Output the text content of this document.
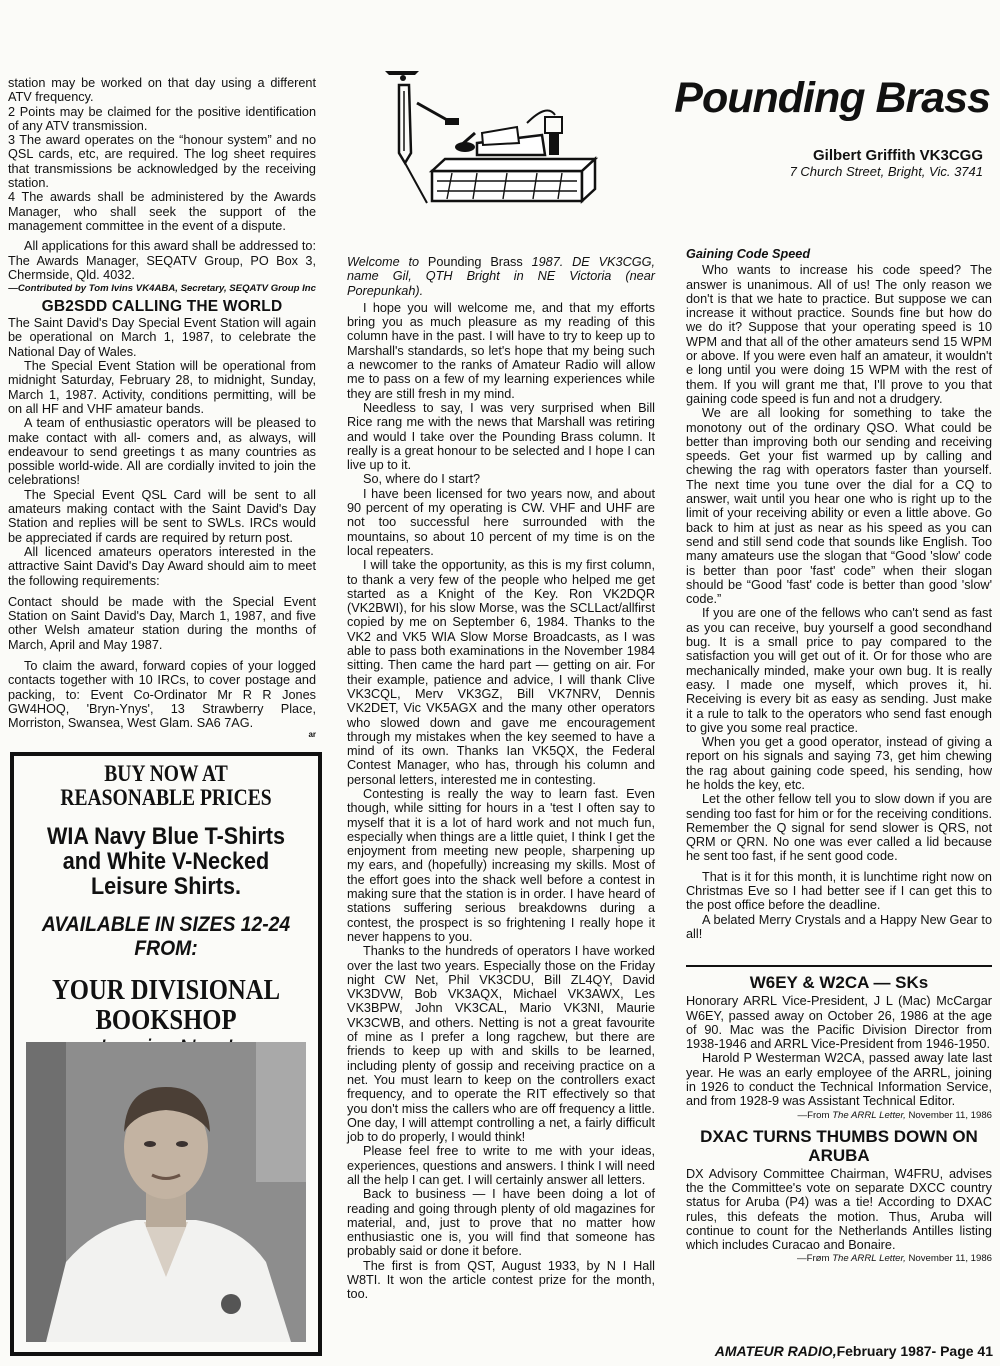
station may be worked on that day using a different ATV frequency.

2 Points may be claimed for the positive identification of any ATV transmission.

3 The award operates on the “honour system” and no QSL cards, etc, are required. The log sheet requires that transmissions be acknowledged by the receiving station.

4 The awards shall be administered by the Awards Manager, who shall seek the support of the management committee in the event of a dispute.

All applications for this award shall be addressed to: The Awards Manager, SEQATV Group, PO Box 3, Chermside, Qld. 4032.

—Contributed by Tom Ivins VK4ABA, Secretary, SEQATV Group Inc
GB2SDD CALLING THE WORLD

The Saint David's Day Special Event Station will again be operational on March 1, 1987, to celebrate the National Day of Wales.

The Special Event Station will be operational from midnight Saturday, February 28, to midnight, Sunday, March 1, 1987. Activity, conditions permitting, will be on all HF and VHF amateur bands.

A team of enthusiastic operators will be pleased to make contact with all- comers and, as always, will endeavour to send greetings t as many countries as possible world-wide. All are cordially invited to join the celebrations!

The Special Event QSL Card will be sent to all amateurs making contact with the Saint David's Day Station and replies will be sent to SWLs. IRCs would be appreciated if cards are required by return post.

All licenced amateurs operators interested in the attractive Saint David's Day Award should aim to meet the following requirements:

Contact should be made with the Special Event Station on Saint David's Day, March 1, 1987, and five other Welsh amateur station during the months of March, April and May 1987.

To claim the award, forward copies of your logged contacts together with 10 IRCs, to cover postage and packing, to: Event Co-Ordinator Mr R R Jones GW4HOQ, 'Bryn-Ynys', 13 Strawberry Place, Morriston, Swansea, West Glam. SA6 7AG.

ar
BUY NOW AT REASONABLE PRICES
WIA Navy Blue T-Shirts and White V-Necked Leisure Shirts.
AVAILABLE IN SIZES 12-24 FROM:
YOUR DIVISIONAL BOOKSHOP
Pounding Brass
Gilbert Griffith VK3CGG
7 Church Street, Bright, Vic. 3741

Welcome to Pounding Brass 1987. DE VK3CGG, name Gil, QTH Bright in NE Victoria (near Porepunkah).

I hope you will welcome me, and that my efforts bring you as much pleasure as my reading of this column have in the past. I will have to try to keep up to Marshall's standards, so let's hope that my being such a newcomer to the ranks of Amateur Radio will allow me to pass on a few of my learning experiences while they are still fresh in my mind.

Needless to say, I was very surprised when Bill Rice rang me with the news that Marshall was retiring and would I take over the Pounding Brass column. It really is a great honour to be selected and I hope I can live up to it.

So, where do I start?

I have been licensed for two years now, and about 90 percent of my operating is CW. VHF and UHF are not too successful here surrounded with the mountains, so about 10 percent of my time is on the local repeaters.

I will take the opportunity, as this is my first column, to thank a very few of the people who helped me get started as a Knight of the Key. Ron VK2DQR (VK2BWI), for his slow Morse, was the SCLLact/allfirst copied by me on September 6, 1984. Thanks to the VK2 and VK5 WIA Slow Morse Broadcasts, as I was able to pass both examinations in the November 1984 sitting. Then came the hard part — getting on air. For their example, patience and advice, I will thank Clive VK3CQL, Merv VK3GZ, Bill VK7NRV, Dennis VK2DET, Vic VK5AGX and the many other operators who slowed down and gave me encouragement through my mistakes when the key seemed to have a mind of its own. Thanks Ian VK5QX, the Federal Contest Manager, who has, through his column and personal letters, interested me in contesting.

Contesting is really the way to learn fast. Even though, while sitting for hours in a 'test I often say to myself that it is a lot of hard work and not much fun, especially when things are a little quiet, I think I get the enjoyment from meeting new people, sharpening up my ears, and (hopefully) increasing my skills. Most of the effort goes into the shack well before a contest in making sure that the station is in order. I have heard of stations suffering serious breakdowns during a contest, the prospect is so frightening I really hope it never happens to you.

Thanks to the hundreds of operators I have worked over the last two years. Especially those on the Friday night CW Net, Phil VK3CDU, Bill ZL4QY, David VK3DVW, Bob VK3AQX, Michael VK3AWX, Les VK3BPW, John VK3CAL, Mario VK3NI, Maurie VK3CWB, and others. Netting is not a great favourite of mine as I prefer a long ragchew, but there are friends to keep up with and skills to be learned, including plenty of gossip and receiving practice on a net. You must learn to keep on the controllers exact frequency, and to operate the RIT effectively so that you don't miss the callers who are off frequency a little. One day, I will attempt controlling a net, a fairly difficult job to do properly, I would think!

Please feel free to write to me with your ideas, experiences, questions and answers. I think I will need all the help I can get. I will certainly answer all letters.

Back to business — I have been doing a lot of reading and going through plenty of old magazines for material, and, just to prove that no matter how enthusiastic one is, you will find that someone has probably said or done it before.

The first is from QST, August 1933, by N I Hall W8TI. It won the article contest prize for the month, too.

Gaining Code Speed

Who wants to increase his code speed? The answer is unanimous. All of us! The only reason we don't is that we hate to practice. But suppose we can increase it without practice. Sounds fine but how do we do it? Suppose that your operating speed is 10 WPM and that all of the other amateurs send 15 WPM or above. If you were even half an amateur, it wouldn't e long until you were doing 15 WPM with the rest of them. If you will grant me that, I'll prove to you that gaining code speed is fun and not a drudgery.

We are all looking for something to take the monotony out of the ordinary QSO. What could be better than improving both our sending and receiving speeds. Get your fist warmed up by calling and chewing the rag with operators faster than yourself. The next time you tune over the dial for a CQ to answer, wait until you hear one who is right up to the limit of your receiving ability or even a little above. Go back to him at just as near as his speed as you can send and still send code that sounds like English. Too many amateurs use the slogan that “Good 'slow' code is better than poor 'fast' code” when their slogan should be “Good 'fast' code is better than good 'slow' code.”

If you are one of the fellows who can't send as fast as you can receive, buy yourself a good secondhand bug. It is a small price to pay compared to the satisfaction you will get out of it. Or for those who are mechanically minded, make your own bug. It is really easy. I made one myself, which proves it, hi. Receiving is every bit as easy as sending. Just make it a rule to talk to the operators who send fast enough to give you some real practice.

When you get a good operator, instead of giving a report on his signals and saying 73, get him chewing the rag about gaining code speed, his sending, how he holds the key, etc.

Let the other fellow tell you to slow down if you are sending too fast for him or for the receiving conditions. Remember the Q signal for send slower is QRS, not QRM or QRN. No one was ever called a lid because he sent too fast, if he sent good code.

That is it for this month, it is lunchtime right now on Christmas Eve so I had better see if I can get this to the post office before the deadline.

A belated Merry Crystals and a Happy New Gear to all!

W6EY & W2CA — SKs

Honorary ARRL Vice-President, J L (Mac) McCargar W6EY, passed away on October 26, 1986 at the age of 90. Mac was the Pacific Division Director from 1938-1946 and ARRL Vice-President from 1946-1950.

Harold P Westerman W2CA, passed away late last year. He was an early employee of the ARRL, joining in 1926 to conduct the Technical Information Service, and from 1928-9 was Assistant Technical Editor.

—From The ARRL Letter, November 11, 1986
DXAC TURNS THUMBS DOWN ON ARUBA

DX Advisory Committee Chairman, W4FRU, advises the the Committee's vote on separate DXCC country status for Aruba (P4) was a tie! According to DXAC rules, this defeats the motion. Thus, Aruba will continue to count for the Netherlands Antilles listing which includes Curacao and Bonaire.

—Frøm The ARRL Letter, November 11, 1986
AMATEUR RADIO,February 1987- Page 41
